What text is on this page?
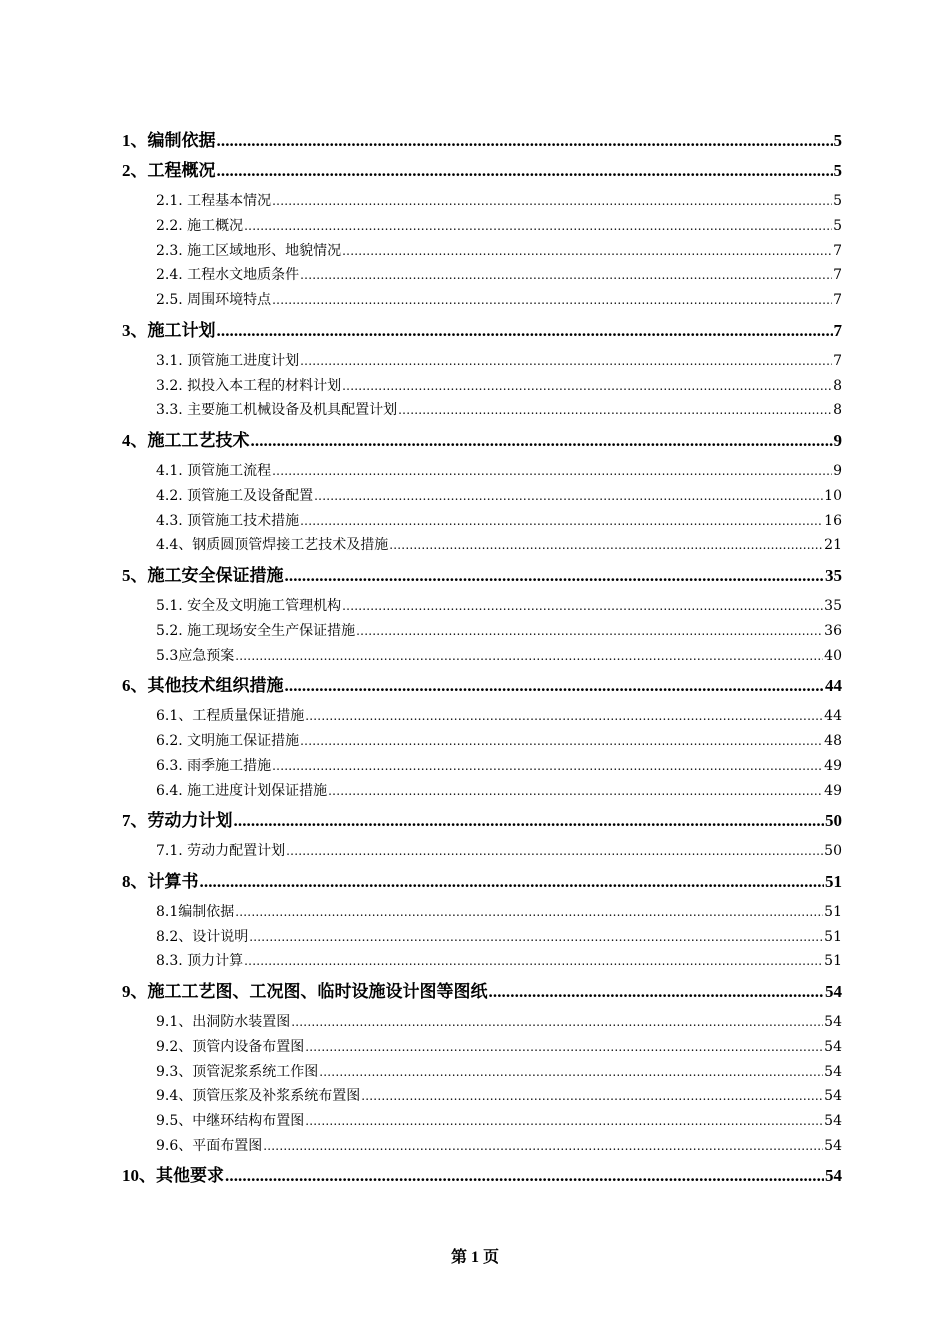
1、编制依据 .....	5
2、工程概况 .....	5
2.1. 工程基本情况 .....	5
2.2. 施工概况 .....	5
2.3. 施工区域地形、地貌情况 .....	7
2.4. 工程水文地质条件 .....	7
2.5. 周围环境特点 .....	7
3、施工计划 .....	7
3.1. 顶管施工进度计划 .....	7
3.2. 拟投入本工程的材料计划 .....	8
3.3. 主要施工机械设备及机具配置计划 .....	8
4、施工工艺技术 .....	9
4.1. 顶管施工流程 .....	9
4.2. 顶管施工及设备配置 .....	10
4.3. 顶管施工技术措施 .....	16
4.4、钢质圆顶管焊接工艺技术及措施 .....	21
5、施工安全保证措施 .....	35
5.1. 安全及文明施工管理机构 .....	35
5.2. 施工现场安全生产保证措施 .....	36
5.3应急预案 .....	40
6、其他技术组织措施 .....	44
6.1、工程质量保证措施 .....	44
6.2. 文明施工保证措施 .....	48
6.3. 雨季施工措施 .....	49
6.4. 施工进度计划保证措施 .....	49
7、劳动力计划 .....	50
7.1. 劳动力配置计划 .....	50
8、计算书 .....	51
8.1编制依据 .....	51
8.2、设计说明 .....	51
8.3. 顶力计算 .....	51
9、施工工艺图、工况图、临时设施设计图等图纸 .....	54
9.1、出洞防水装置图 .....	54
9.2、顶管内设备布置图 .....	54
9.3、顶管泥浆系统工作图 .....	54
9.4、顶管压浆及补浆系统布置图 .....	54
9.5、中继环结构布置图 .....	54
9.6、平面布置图 .....	54
10、其他要求 .....	54
第 1 页
